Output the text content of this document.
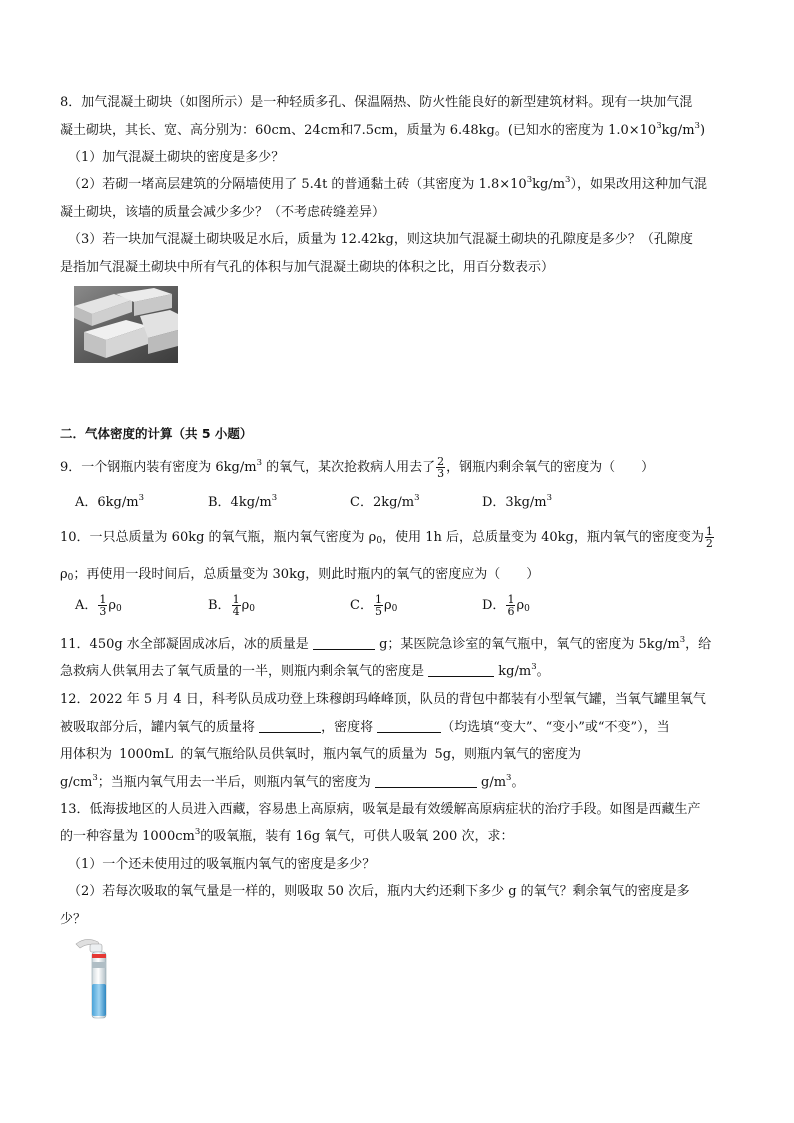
8．加气混凝土砌块（如图所示）是一种轻质多孔、保温隔热、防火性能良好的新型建筑材料。现有一块加气混
凝土砌块，其长、宽、高分别为：60cm、24cm和7.5cm，质量为 6.48kg。(已知水的密度为 $1.0\times 10^3kg/m^3$)
（1）加气混凝土砌块的密度是多少？
（2）若砌一堵高层建筑的分隔墙使用了 5.4t 的普通黏土砖（其密度为 $1.8\times 10^3kg/m^3$），如果改用这种加气混
凝土砌块，该墙的质量会减少多少？（不考虑砖缝差异）
（3）若一块加气混凝土砌块吸足水后，质量为 12.42kg，则这块加气混凝土砌块的孔隙度是多少？（孔隙度
是指加气混凝土砌块中所有气孔的体积与加气混凝土砌块的体积之比，用百分数表示）
二．气体密度的计算（共 5 小题）
9．一个钢瓶内装有密度为 $6kg/m^3$ 的氧气，某次抢救病人用去了 $\frac{2}{3}$ ，钢瓶内剩余氧气的密度为（　　）
A．$6kg/m^3$	B．$4kg/m^3$	C．$2kg/m^3$	D．$3kg/m^3$
10．一只总质量为 60kg 的氧气瓶，瓶内氧气密度为 ρ0，使用 1h 后，总质量变为 40kg，瓶内氧气的密度变为 $\frac{1}{2}$
ρ0；再使用一段时间后，总质量变为 30kg，则此时瓶内的氧气的密度应为（　　）
A． $\frac{1}{3} \rho 0$	B． $\frac{1}{4} \rho 0$	C． $\frac{1}{5} \rho 0$	D． $\frac{1}{6} \rho 0$
11．450g 水全部凝固成冰后，冰的质量是	g；某医院急诊室的氧气瓶中，氧气的密度为 $5kg/m^3$，给
急救病人供氧用去了氧气质量的一半，则瓶内剩余氧气的密度是	$kg/m^3$。
12．2022 年 5 月 4 日，科考队员成功登上珠穆朗玛峰峰顶，队员的背包中都装有小型氧气罐，当氧气罐里氧气
被吸取部分后，罐内氧气的质量将	，密度将	（均选填“变大”、“变小”或“不变”），当
用体积为 1000mL 的氧气瓶给队员供氧时，瓶内氧气的质量为 5g，则瓶内氧气的密度为
$g/cm^3$；当瓶内氧气用去一半后，则瓶内氧气的密度为	$g/m^3$。
13．低海拔地区的人员进入西藏，容易患上高原病，吸氧是最有效缓解高原病症状的治疗手段。如图是西藏生产
的一种容量为 $1000cm^3$的吸氧瓶，装有 16g 氧气，可供人吸氧 200 次，求：
（1）一个还未使用过的吸氧瓶内氧气的密度是多少？
（2）若每次吸取的氧气量是一样的，则吸取 50 次后，瓶内大约还剩下多少 g 的氧气？剩余氧气的密度是多
少？
